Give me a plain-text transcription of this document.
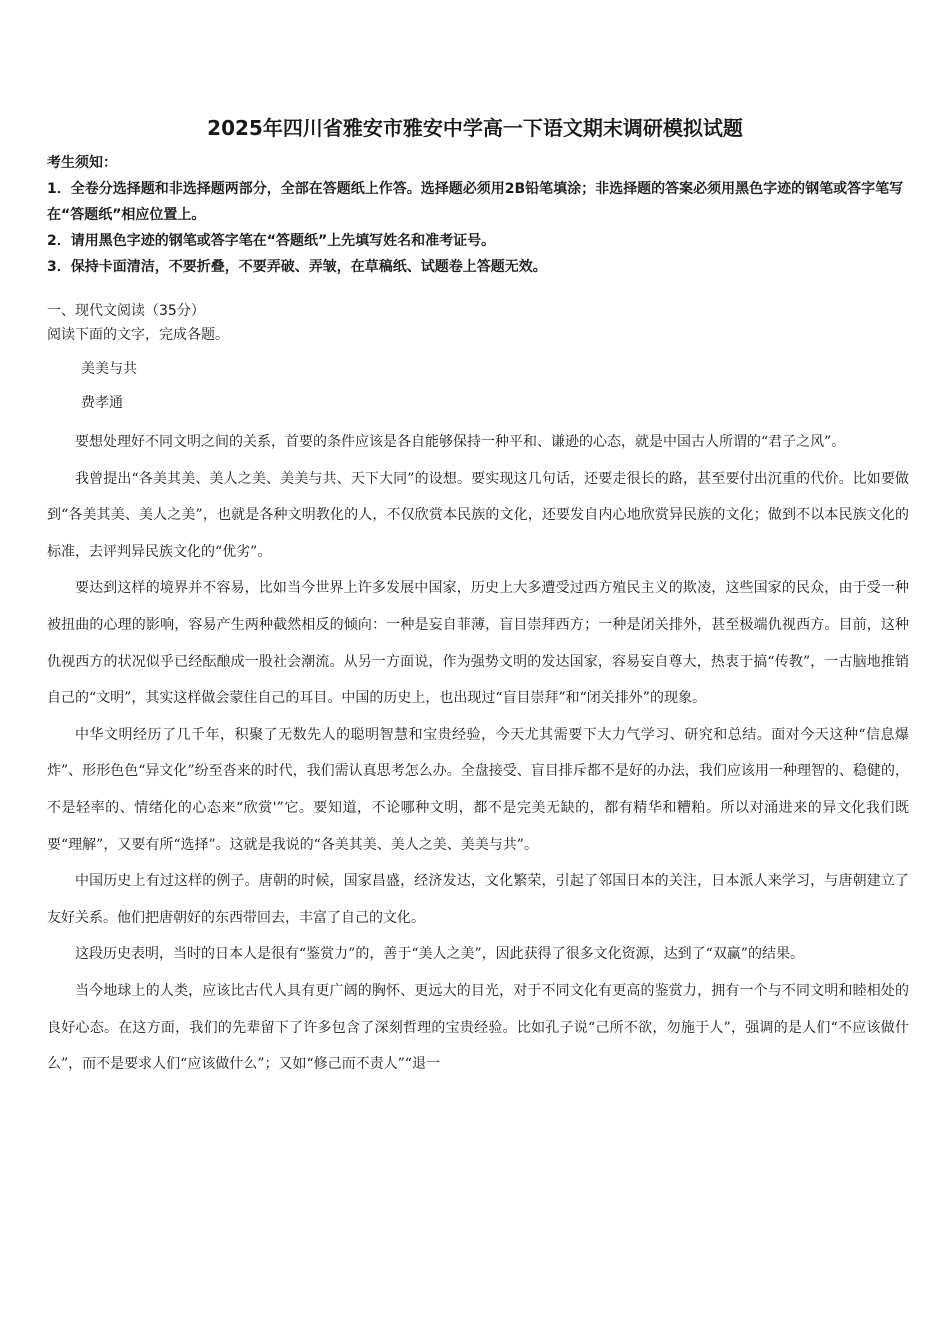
2025年四川省雅安市雅安中学高一下语文期末调研模拟试题

考生须知：

1．全卷分选择题和非选择题两部分，全部在答题纸上作答。选择题必须用2B铅笔填涂；非选择题的答案必须用黑色字迹的钢笔或答字笔写在“答题纸”相应位置上。

2．请用黑色字迹的钢笔或答字笔在“答题纸”上先填写姓名和准考证号。

3．保持卡面清洁，不要折叠，不要弄破、弄皱，在草稿纸、试题卷上答题无效。

一、现代文阅读（35分）
阅读下面的文字，完成各题。
美美与共
费孝通

要想处理好不同文明之间的关系，首要的条件应该是各自能够保持一种平和、谦逊的心态，就是中国古人所谓的“君子之风”。

我曾提出“各美其美、美人之美、美美与共、天下大同”的设想。要实现这几句话，还要走很长的路，甚至要付出沉重的代价。比如要做到“各美其美、美人之美”，也就是各种文明教化的人，不仅欣赏本民族的文化，还要发自内心地欣赏异民族的文化；做到不以本民族文化的标准，去评判异民族文化的“优劣”。

要达到这样的境界并不容易，比如当今世界上许多发展中国家，历史上大多遭受过西方殖民主义的欺凌，这些国家的民众，由于受一种被扭曲的心理的影响，容易产生两种截然相反的倾向：一种是妄自菲薄，盲目崇拜西方；一种是闭关排外，甚至极端仇视西方。目前，这种仇视西方的状况似乎已经酝酿成一股社会潮流。从另一方面说，作为强势文明的发达国家，容易妄自尊大，热衷于搞“传教”，一古脑地推销自己的“文明”，其实这样做会蒙住自己的耳目。中国的历史上，也出现过“盲目崇拜”和“闭关排外”的现象。

中华文明经历了几千年，积聚了无数先人的聪明智慧和宝贵经验，今天尤其需要下大力气学习、研究和总结。面对今天这种“信息爆炸”、形形色色“异文化”纷至沓来的时代，我们需认真思考怎么办。全盘接受、盲目排斥都不是好的办法，我们应该用一种理智的、稳健的，不是轻率的、情绪化的心态来“欣赏'”它。要知道，不论哪种文明，都不是完美无缺的，都有精华和糟粕。所以对涌进来的异文化我们既要“理解”，又要有所“选择”。这就是我说的“各美其美、美人之美、美美与共”。

中国历史上有过这样的例子。唐朝的时候，国家昌盛，经济发达，文化繁荣，引起了邻国日本的关注，日本派人来学习，与唐朝建立了友好关系。他们把唐朝好的东西带回去，丰富了自己的文化。

这段历史表明，当时的日本人是很有“鉴赏力”的，善于“美人之美”，因此获得了很多文化资源，达到了“双赢”的结果。

当今地球上的人类，应该比古代人具有更广阔的胸怀、更远大的目光，对于不同文化有更高的鉴赏力，拥有一个与不同文明和睦相处的良好心态。在这方面，我们的先辈留下了许多包含了深刻哲理的宝贵经验。比如孔子说“己所不欲，勿施于人”，强调的是人们“不应该做什么”，而不是要求人们“应该做什么”；又如“修己而不责人”“退一
